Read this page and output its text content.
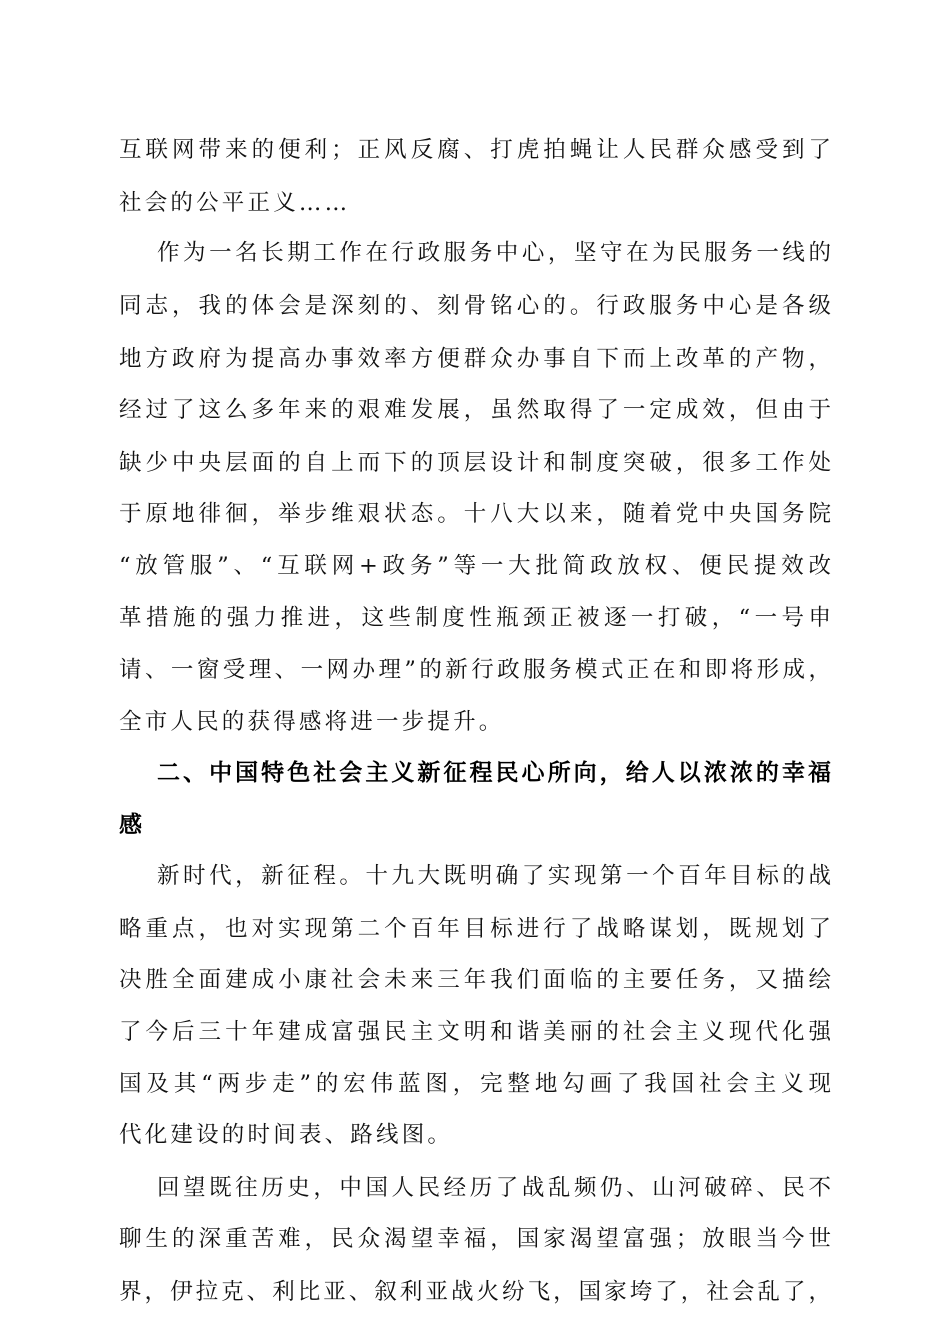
互联网带来的便利；正风反腐、打虎拍蝇让人民群众感受到了
社会的公平正义……
作为一名长期工作在行政服务中心，坚守在为民服务一线的
同志，我的体会是深刻的、刻骨铭心的。行政服务中心是各级
地方政府为提高办事效率方便群众办事自下而上改革的产物，
经过了这么多年来的艰难发展，虽然取得了一定成效，但由于
缺少中央层面的自上而下的顶层设计和制度突破，很多工作处
于原地徘徊，举步维艰状态。十八大以来，随着党中央国务院
“放管服”、“互联网+政务”等一大批简政放权、便民提效改
革措施的强力推进，这些制度性瓶颈正被逐一打破，“一号申
请、一窗受理、一网办理”的新行政服务模式正在和即将形成，
全市人民的获得感将进一步提升。
二、中国特色社会主义新征程民心所向，给人以浓浓的幸福
感
新时代，新征程。十九大既明确了实现第一个百年目标的战
略重点，也对实现第二个百年目标进行了战略谋划，既规划了
决胜全面建成小康社会未来三年我们面临的主要任务，又描绘
了今后三十年建成富强民主文明和谐美丽的社会主义现代化强
国及其“两步走”的宏伟蓝图，完整地勾画了我国社会主义现
代化建设的时间表、路线图。
回望既往历史，中国人民经历了战乱频仍、山河破碎、民不
聊生的深重苦难，民众渴望幸福，国家渴望富强；放眼当今世
界，伊拉克、利比亚、叙利亚战火纷飞，国家垮了，社会乱了，
